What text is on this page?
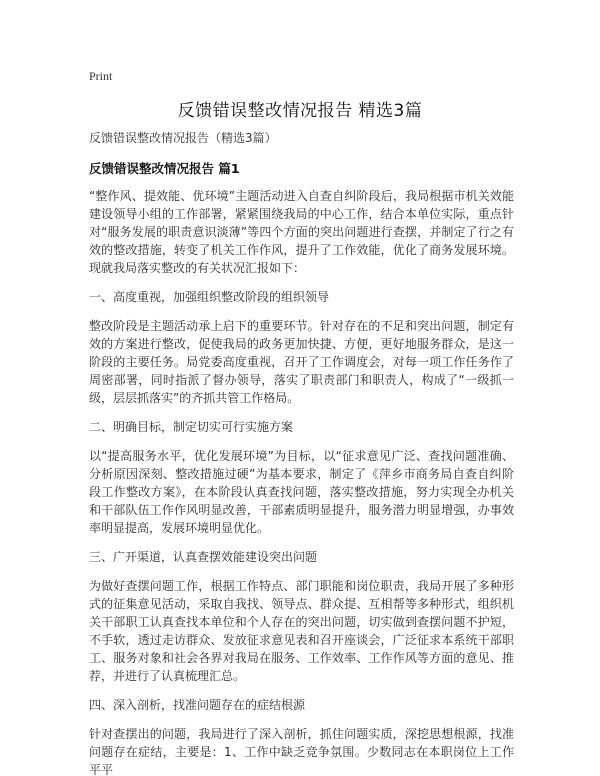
Print
反馈错误整改情况报告 精选3篇
反馈错误整改情况报告（精选3篇）
反馈错误整改情况报告 篇1
“整作风、提效能、优环境”主题活动进入自查自纠阶段后，我局根据市机关效能建设领导小组的工作部署，紧紧围绕我局的中心工作，结合本单位实际，重点针对“服务发展的职责意识淡薄”等四个方面的突出问题进行查摆，并制定了行之有效的整改措施，转变了机关工作作风，提升了工作效能，优化了商务发展环境。现就我局落实整改的有关状况汇报如下：
一、高度重视，加强组织整改阶段的组织领导
整改阶段是主题活动承上启下的重要环节。针对存在的不足和突出问题，制定有效的方案进行整改，促使我局的政务更加快捷、方便，更好地服务群众，是这一阶段的主要任务。局党委高度重视，召开了工作调度会，对每一项工作任务作了周密部署，同时指派了督办领导，落实了职责部门和职责人，构成了“一级抓一级，层层抓落实”的齐抓共管工作格局。
二、明确目标，制定切实可行实施方案
以“提高服务水平，优化发展环境”为目标，以“征求意见广泛、查找问题准确、分析原因深刻、整改措施过硬”为基本要求，制定了《萍乡市商务局自查自纠阶段工作整改方案》，在本阶段认真查找问题，落实整改措施，努力实现全办机关和干部队伍工作作风明显改善，干部素质明显提升，服务潜力明显增强，办事效率明显提高，发展环境明显优化。
三、广开渠道，认真查摆效能建设突出问题
为做好查摆问题工作，根据工作特点、部门职能和岗位职责，我局开展了多种形式的征集意见活动，采取自我找、领导点、群众提、互相帮等多种形式，组织机关干部职工认真查找本单位和个人存在的突出问题，切实做到查摆问题不护短，不手软，透过走访群众、发放征求意见表和召开座谈会，广泛征求本系统干部职工、服务对象和社会各界对我局在服务、工作效率、工作作风等方面的意见、推荐，并进行了认真梳理汇总。
四、深入剖析，找准问题存在的症结根源
针对查摆出的问题，我局进行了深入剖析，抓住问题实质，深挖思想根源，找准问题存在症结，主要是：1、工作中缺乏竞争氛围。少数同志在本职岗位上工作平平
